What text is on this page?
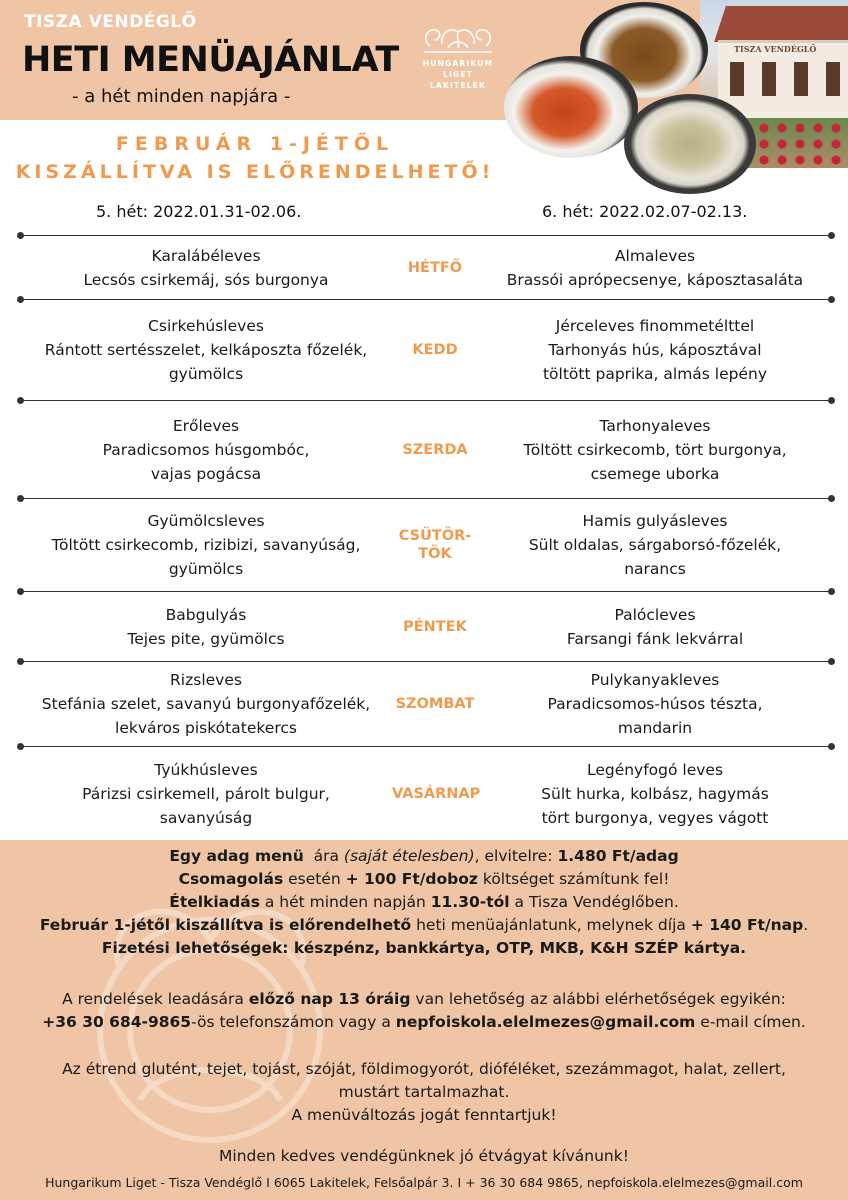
TISZA VENDÉGLŐ
HETI MENÜAJÁNLAT
- a hét minden napjára -
HUNGARIKUM LIGET
LAKITELEK
TISZA VENDÉGLŐ
FEBRUÁR 1-JÉTŐL
KISZÁLLÍTVA IS ELŐRENDELHETŐ!
5. hét: 2022.01.31-02.06.	6. hét: 2022.02.07-02.13.
Karalábéleves
Lecsós csirkemáj, sós burgonya
HÉTFŐ
Almaleves
Brassói aprópecsenye, káposztasaláta
Csirkehúsleves
Rántott sertésszelet, kelkáposzta főzelék,
gyümölcs
KEDD
Jérceleves finommetélttel
Tarhonyás hús, káposztával
töltött paprika, almás lepény
Erőleves
Paradicsomos húsgombóc,
vajas pogácsa
SZERDA
Tarhonyaleves
Töltött csirkecomb, tört burgonya,
csemege uborka
Gyümölcsleves
Töltött csirkecomb, rizibizi, savanyúság,
gyümölcs
CSÜTÖR-
TÖK
Hamis gulyásleves
Sült oldalas, sárgaborsó-főzelék,
narancs
Babgulyás
Tejes pite, gyümölcs
PÉNTEK
Palócleves
Farsangi fánk lekvárral
Rizsleves
Stefánia szelet, savanyú burgonyafőzelék,
lekváros piskótatekercs
SZOMBAT
Pulykanyakleves
Paradicsomos-húsos tészta,
mandarin
Tyúkhúsleves
Párizsi csirkemell, párolt bulgur,
savanyúság
VASÁRNAP
Legényfogó leves
Sült hurka, kolbász, hagymás
tört burgonya, vegyes vágott
Egy adag menü ára (saját ételesben), elvitelre: 1.480 Ft/adag
Csomagolás esetén + 100 Ft/doboz költséget számítunk fel!
Ételkiadás a hét minden napján 11.30-tól a Tisza Vendéglőben.
Február 1-jétől kiszállítva is előrendelhető heti menüajánlatunk, melynek díja + 140 Ft/nap.
Fizetési lehetőségek: készpénz, bankkártya, OTP, MKB, K&H SZÉP kártya.
A rendelések leadására előző nap 13 óráig van lehetőség az alábbi elérhetőségek egyikén:
+36 30 684-9865-ös telefonszámon vagy a nepfoiskola.elelmezes@gmail.com e-mail címen.
Az étrend glutént, tejet, tojást, szóját, földimogyorót, dióféléket, szezámmagot, halat, zellert,
mustárt tartalmazhat.
A menüváltozás jogát fenntartjuk!
Minden kedves vendégünknek jó étvágyat kívánunk!
Hungarikum Liget - Tisza Vendéglő I 6065 Lakitelek, Felsőalpár 3. I + 36 30 684 9865, nepfoiskola.elelmezes@gmail.com
